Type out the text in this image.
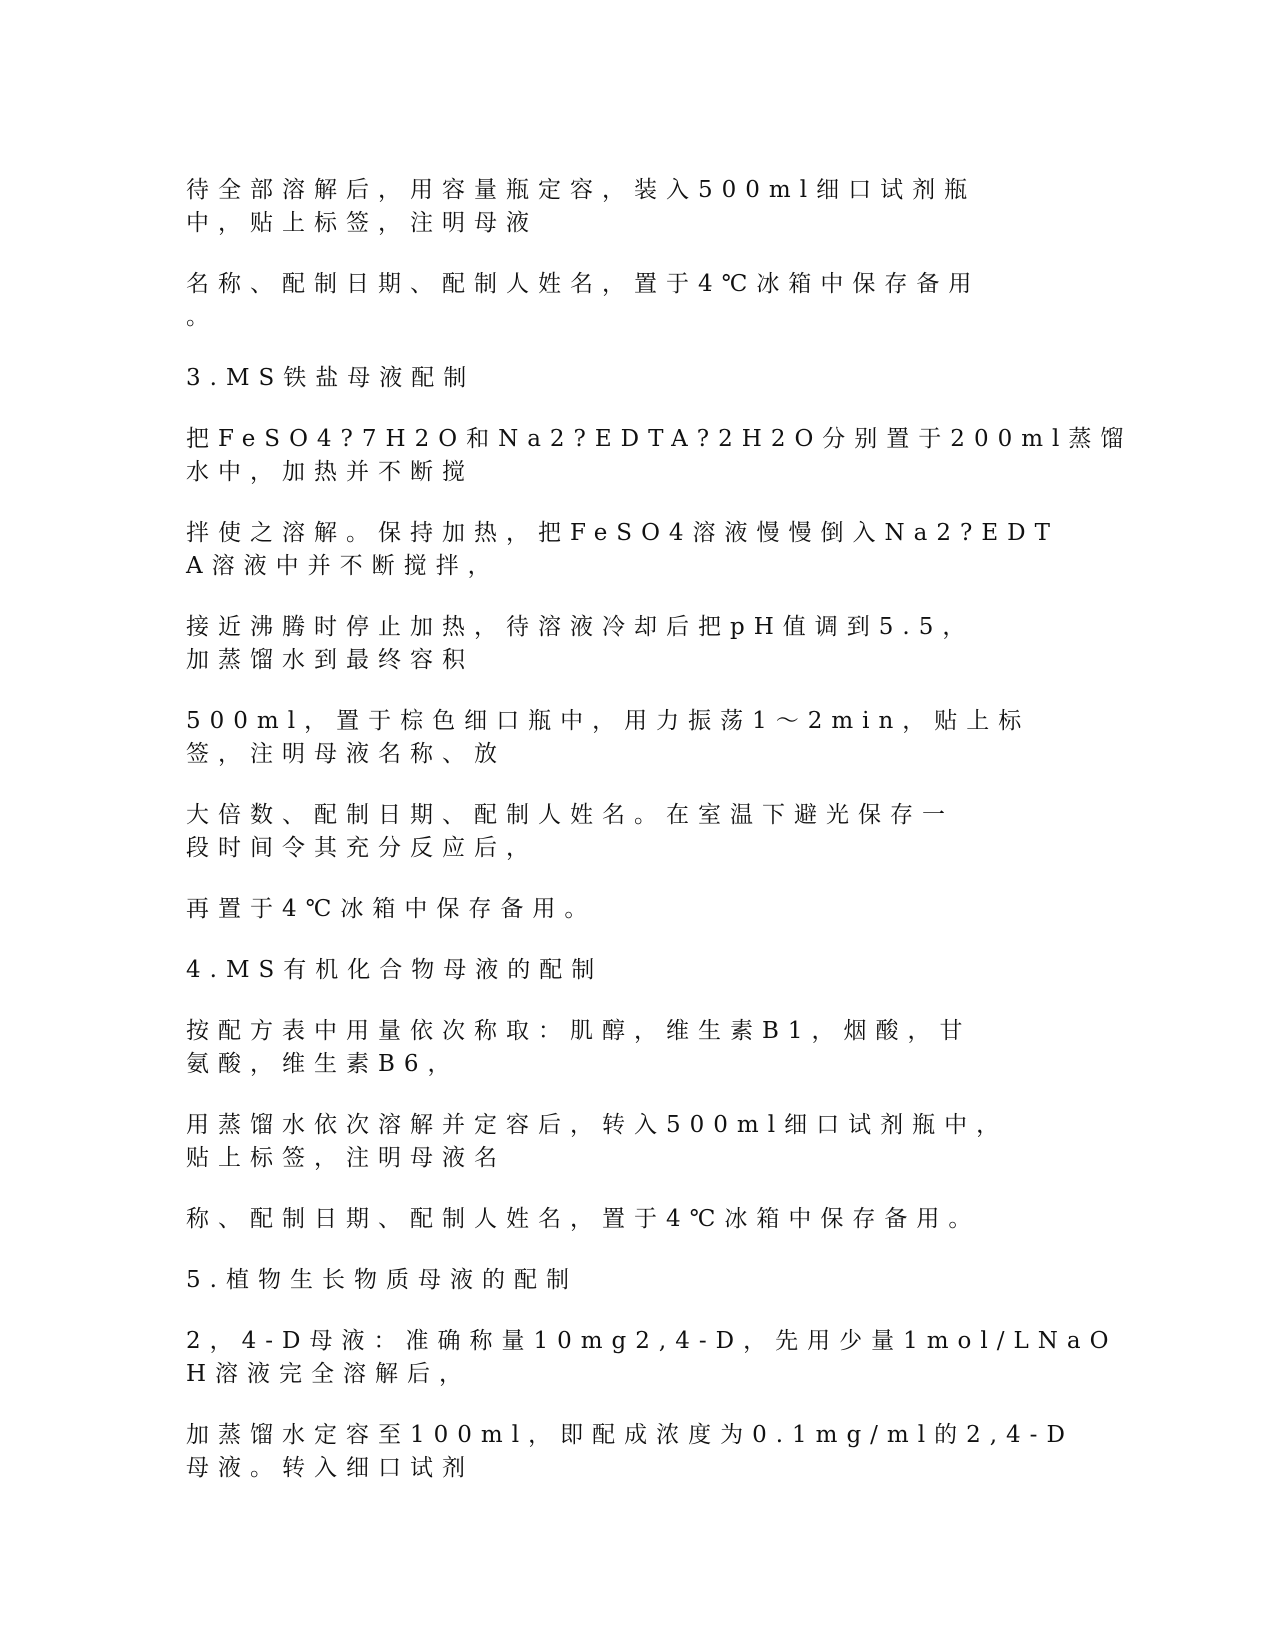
待全部溶解后，用容量瓶定容，装入500ml细口试剂瓶
中，贴上标签，注明母液

名称、配制日期、配制人姓名，置于4℃冰箱中保存备用
。

3.MS铁盐母液配制

把FeSO4?7H2O和Na2?EDTA?2H2O分别置于200ml蒸馏
水中，加热并不断搅

拌使之溶解。保持加热，把FeSO4溶液慢慢倒入Na2?EDT
A溶液中并不断搅拌，

接近沸腾时停止加热，待溶液冷却后把pH值调到5.5，
加蒸馏水到最终容积

500ml，置于棕色细口瓶中，用力振荡1～2min，贴上标
签，注明母液名称、放

大倍数、配制日期、配制人姓名。在室温下避光保存一
段时间令其充分反应后，

再置于4℃冰箱中保存备用。

4.MS有机化合物母液的配制

按配方表中用量依次称取：肌醇，维生素B1，烟酸，甘
氨酸，维生素B6，

用蒸馏水依次溶解并定容后，转入500ml细口试剂瓶中，
贴上标签，注明母液名

称、配制日期、配制人姓名，置于4℃冰箱中保存备用。

5.植物生长物质母液的配制

2，4-D母液：准确称量10mg2,4-D，先用少量1mol/LNaO
H溶液完全溶解后，

加蒸馏水定容至100ml，即配成浓度为0.1mg/ml的2,4-D
母液。转入细口试剂
